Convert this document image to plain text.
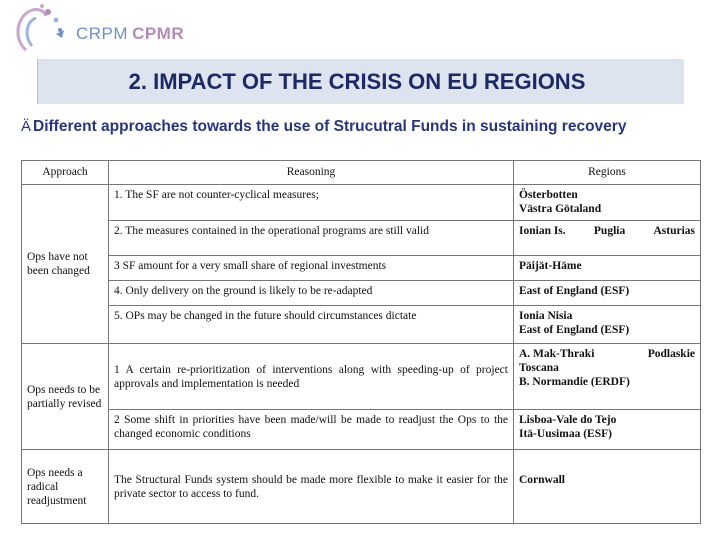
CRPM CPMR
2. IMPACT OF THE CRISIS ON EU REGIONS
Ä Different approaches towards the use of Strucutral Funds in sustaining recovery
Approach	Reasoning	Regions
Ops have not been changed	1. The SF are not counter-cyclical measures;	Österbotten
Västra Götaland

	2. The measures contained in the operational programs are still valid	Ionian Is. Puglia Asturias

	3 SF amount for a very small share of regional investments	Päijät-Häme

	4. Only delivery on the ground is likely to be re-adapted	East of England (ESF)

	5. OPs may be changed in the future should circumstances dictate	Ionia Nisia
East of England (ESF)

Ops needs to be partially revised	1 A certain re-prioritization of interventions along with speeding-up of project approvals and implementation is needed	A. Mak-Thraki Podlaskie
Toscana
B. Normandie (ERDF)

	2 Some shift in priorities have been made/will be made to readjust the Ops to the changed economic conditions	Lisboa-Vale do Tejo
Itä-Uusimaa (ESF)

Ops needs a radical readjustment	The Structural Funds system should be made more flexible to make it easier for the private sector to access to fund.	Cornwall
